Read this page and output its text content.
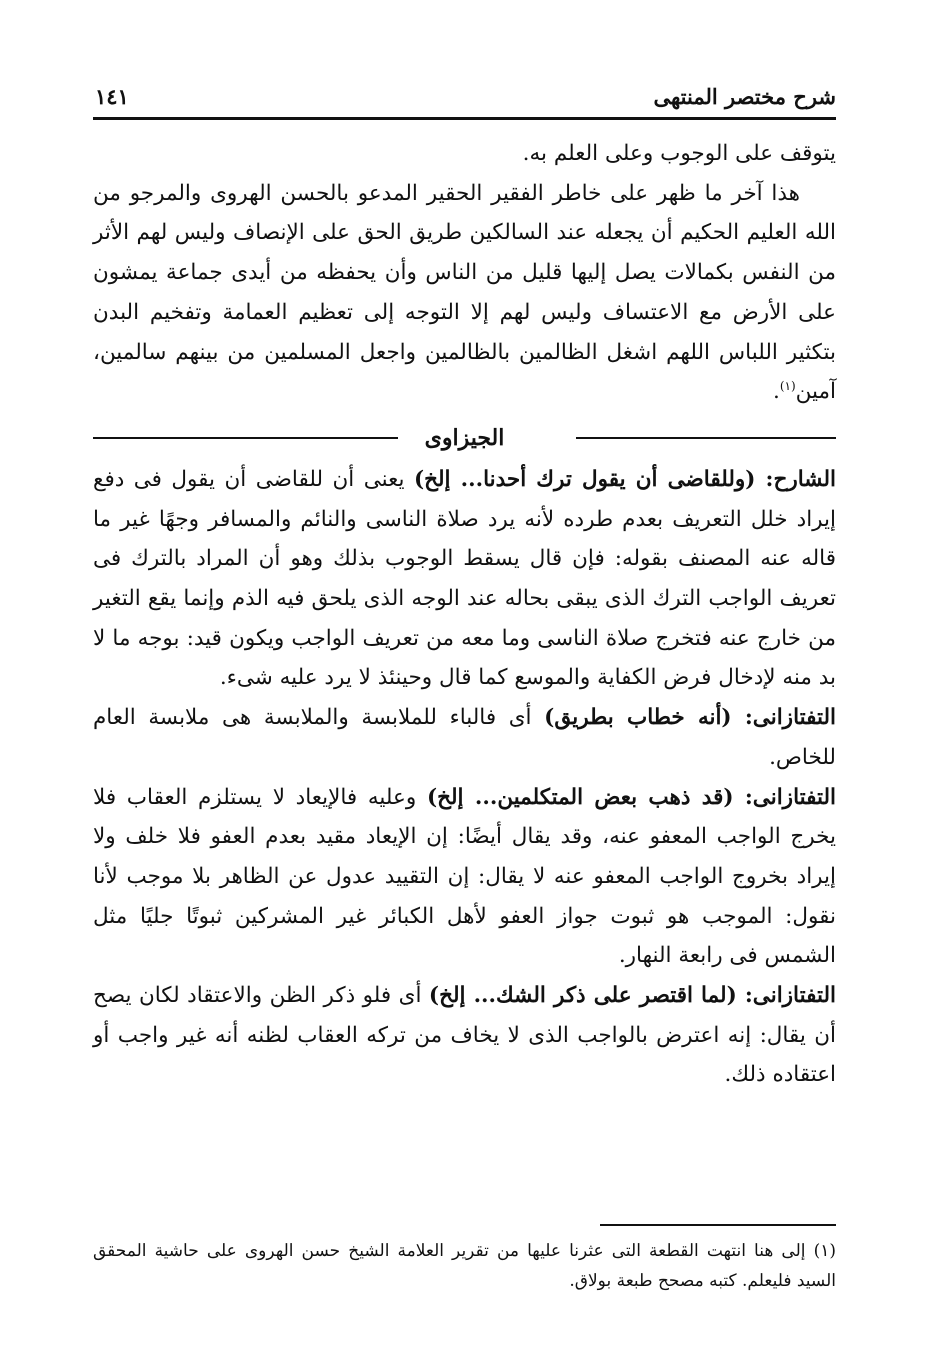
شرح مختصر المنتهى
١٤١

يتوقف على الوجوب وعلى العلم به.

هذا آخر ما ظهر على خاطر الفقير الحقير المدعو بالحسن الهروى والمرجو من الله العليم الحكيم أن يجعله عند السالكين طريق الحق على الإنصاف وليس لهم الأثر من النفس بكمالات يصل إليها قليل من الناس وأن يحفظه من أيدى جماعة يمشون على الأرض مع الاعتساف وليس لهم إلا التوجه إلى تعظيم العمامة وتفخيم البدن بتكثير اللباس اللهم اشغل الظالمين بالظالمين واجعل المسلمين من بينهم سالمين، آمين$^{(١)}$.

الجيزاوى

الشارح: (وللقاضى أن يقول ترك أحدنا... إلخ) يعنى أن للقاضى أن يقول فى دفع إيراد خلل التعريف بعدم طرده لأنه يرد صلاة الناسى والنائم والمسافر وجهًا غير ما قاله عنه المصنف بقوله: فإن قال يسقط الوجوب بذلك وهو أن المراد بالترك فى تعريف الواجب الترك الذى يبقى بحاله عند الوجه الذى يلحق فيه الذم وإنما يقع التغير من خارج عنه فتخرج صلاة الناسى وما معه من تعريف الواجب ويكون قيد: بوجه ما لا بد منه لإدخال فرض الكفاية والموسع كما قال وحينئذ لا يرد عليه شىء.

التفتازانى: (أنه خطاب بطريق) أى فالباء للملابسة والملابسة هى ملابسة العام للخاص.

التفتازانى: (قد ذهب بعض المتكلمين... إلخ) وعليه فالإيعاد لا يستلزم العقاب فلا يخرج الواجب المعفو عنه، وقد يقال أيضًا: إن الإيعاد مقيد بعدم العفو فلا خلف ولا إيراد بخروج الواجب المعفو عنه لا يقال: إن التقييد عدول عن الظاهر بلا موجب لأنا نقول: الموجب هو ثبوت جواز العفو لأهل الكبائر غير المشركين ثبوتًا جليًا مثل الشمس فى رابعة النهار.

التفتازانى: (لما اقتصر على ذكر الشك... إلخ) أى فلو ذكر الظن والاعتقاد لكان يصح أن يقال: إنه اعترض بالواجب الذى لا يخاف من تركه العقاب لظنه أنه غير واجب أو اعتقاده ذلك.

(١) إلى هنا انتهت القطعة التى عثرنا عليها من تقرير العلامة الشيخ حسن الهروى على حاشية المحقق السيد فليعلم. كتبه مصحح طبعة بولاق.
